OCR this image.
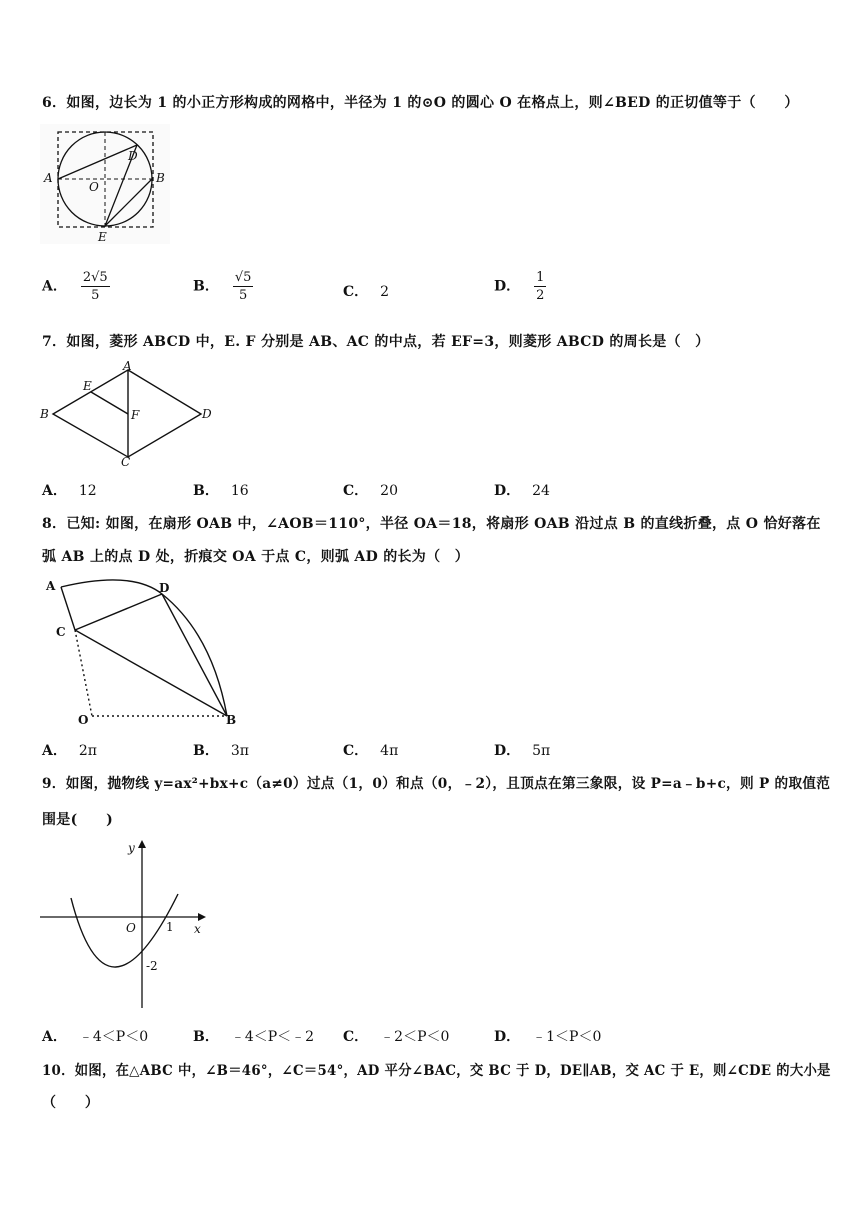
6．如图，边长为 1 的小正方形构成的网格中，半径为 1 的⊙O 的圆心 O 在格点上，则∠BED 的正切值等于（　　）
A
O
B
D
E
A． $\frac{2√5}{5}$	B． $\frac{√5}{5}$	C． 2	D． $\frac{1}{2}$
7．如图，菱形 ABCD 中，E. F 分别是 AB、AC 的中点，若 EF=3，则菱形 ABCD 的周长是（　）
A
B
C
D
E
F
A． 12	B． 16	C． 20	D． 24
8．已知: 如图，在扇形 OAB 中，∠AOB＝110°，半径 OA＝18，将扇形 OAB 沿过点 B 的直线折叠，点 O 恰好落在
弧 AB 上的点 D 处，折痕交 OA 于点 C，则弧 AD 的长为（　）
A
C
D
O	B
A． 2π	B． 3π	C． 4π	D． 5π
9．如图，抛物线 y=ax²+bx+c（a≠0）过点（1，0）和点（0，﹣2），且顶点在第三象限，设 P=a﹣b+c，则 P 的取值范
围是(　　)
y
x
O	1
-2
A． ﹣4＜P＜0	B． ﹣4＜P＜﹣2 C． ﹣2＜P＜0	D． ﹣1＜P＜0
10．如图，在△ABC 中，∠B＝46°，∠C＝54°，AD 平分∠BAC，交 BC 于 D，DE∥AB，交 AC 于 E，则∠CDE 的大小是
（　　）
